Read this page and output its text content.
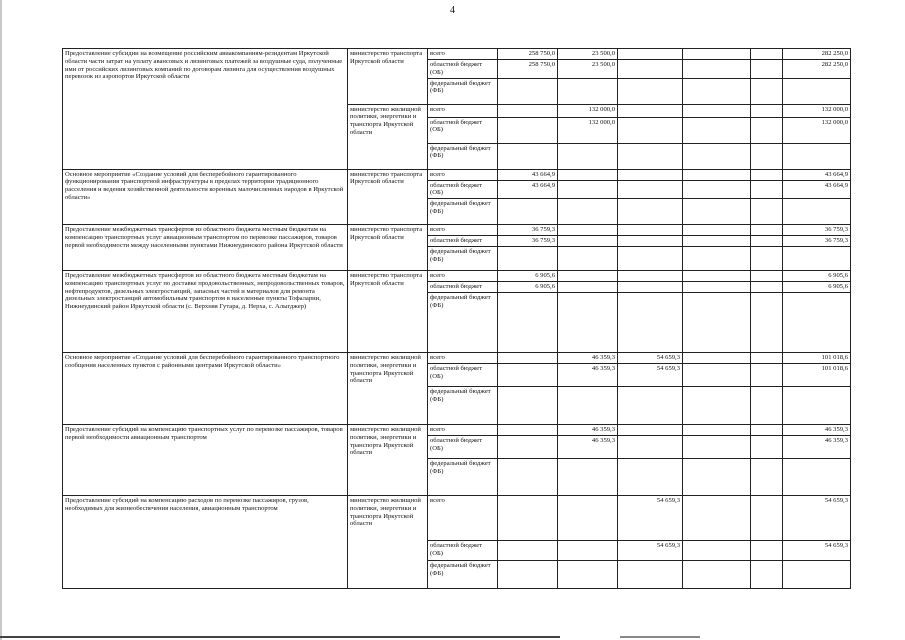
4
Предоставление субсидии на возмещение российским авиакомпаниям-резидентам Иркутской области части затрат на уплату авансовых и лизинговых платежей за воздушные суда, полученные ими от российских лизинговых компаний по договорам лизинга для осуществления воздушных перевозок из аэропортов Иркутской области	министерство транспорта Иркутской области	всего	258 750,0	23 500,0				282 250,0
		областной бюджет (ОБ)	258 750,0	23 500,0				282 250,0
		федеральный бюджет (ФБ)						
	министерство жилищной политики, энергетики и транспорта Иркутской области	всего		132 000,0				132 000,0
		областной бюджет (ОБ)		132 000,0				132 000,0
		федеральный бюджет (ФБ)						
Основное мероприятие «Создание условий для бесперебойного гарантированного функционирования транспортной инфраструктуры в пределах территории традиционного расселения и ведения хозяйственной деятельности коренных малочисленных народов в Иркутской области»	министерство транспорта Иркутской области	всего	43 664,9					43 664,9
		областной бюджет (ОБ)	43 664,9					43 664,9
		федеральный бюджет (ФБ)						
Предоставление межбюджетных трансфертов из областного бюджета местным бюджетам на компенсацию транспортных услуг авиационным транспортом по перевозке пассажиров, товаров первой необходимости между населенными пунктами Нижнеудинского района Иркутской области	министерство транспорта Иркутской области	всего	36 759,3					36 759,3
		областной бюджет	36 759,3					36 759,3
		федеральный бюджет (ФБ)						
Предоставление межбюджетных трансфертов из областного бюджета местным бюджетам на компенсацию транспортных услуг по доставке продовольственных, непродовольственных товаров, нефтепродуктов, дизельных электростанций, запасных частей и материалов для ремонта дизельных электростанций автомобильным транспортом в населенные пункты Тофаларии, Нижнеудинский район Иркутской области (с. Верхняя Гутара, д. Нерха, с. Алыгджер)	министерство транспорта Иркутской области	всего	6 905,6					6 905,6
		областной бюджет	6 905,6					6 905,6
		федеральный бюджет (ФБ)						
Основное мероприятие «Создание условий для бесперебойного гарантированного транспортного сообщения населенных пунктов с районными центрами Иркутской области»	министерство жилищной политики, энергетики и транспорта Иркутской области	всего		46 359,3	54 659,3			101 018,6
		областной бюджет (ОБ)		46 359,3	54 659,3			101 018,6
		федеральный бюджет (ФБ)						
Предоставление субсидий на компенсацию транспортных услуг по перевозке пассажиров, товаров первой необходимости авиационным транспортом	министерство жилищной политики, энергетики и транспорта Иркутской области	всего		46 359,3				46 359,3
		областной бюджет (ОБ)		46 359,3				46 359,3
		федеральный бюджет (ФБ)						
Предоставление субсидий на компенсацию расходов по перевозке пассажиров, грузов, необходимых для жизнеобеспечения населения, авиационным транспортом	министерство жилищной политики, энергетики и транспорта Иркутской области	всего			54 659,3			54 659,3
		областной бюджет (ОБ)			54 659,3			54 659,3
		федеральный бюджет (ФБ)						
